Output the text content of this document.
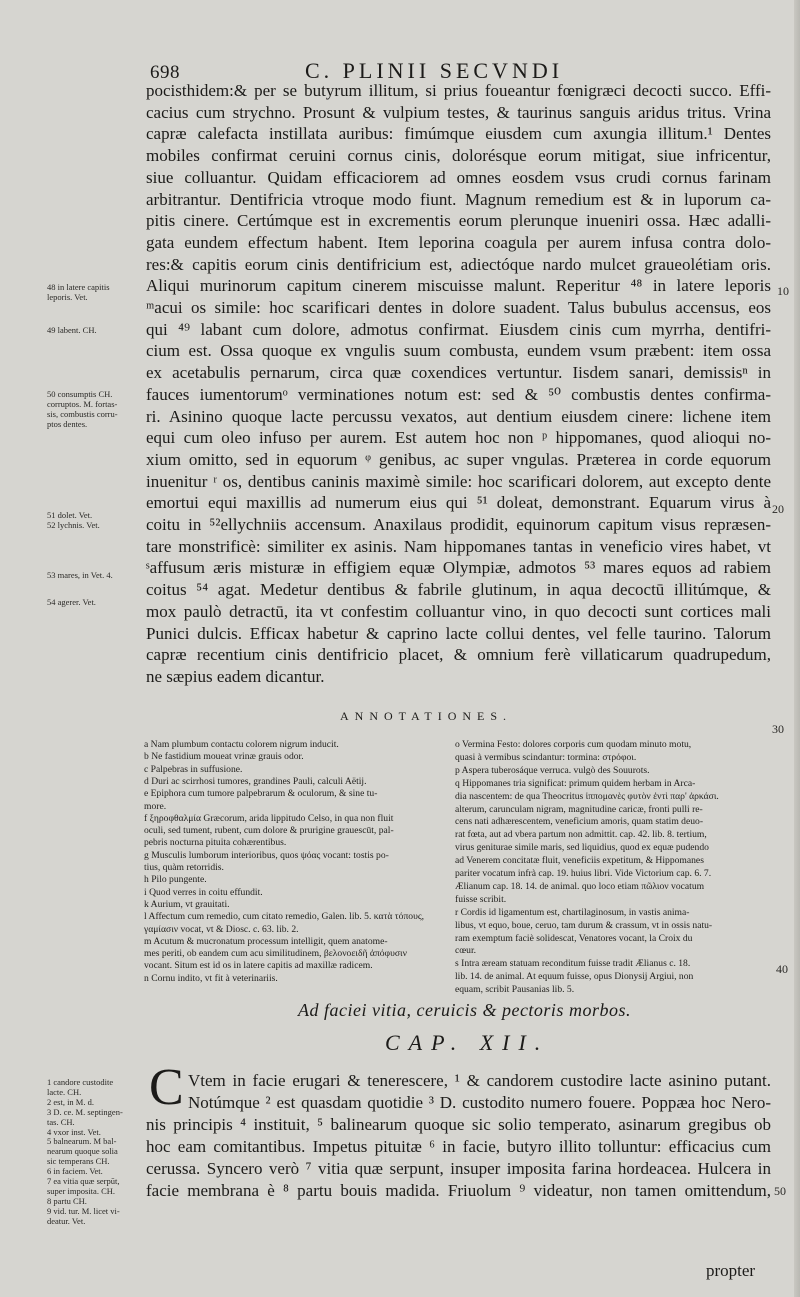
698	C. PLINII SECVNDI
pocisthidem:& per se butyrum illitum, si prius foueantur fœnigræci decocti succo. Effi-
cacius cum strychno. Prosunt & vulpium testes, & taurinus sanguis aridus tritus. Vrina
capræ calefacta instillata auribus: fimúmque eiusdem cum axungia illitum.¹ Dentes
mobiles confirmat ceruini cornus cinis, dolorésque eorum mitigat, siue infricentur,
siue colluantur. Quidam efficaciorem ad omnes eosdem vsus crudi cornus farinam
arbitrantur. Dentifricia vtroque modo fiunt. Magnum remedium est & in luporum ca-
pitis cinere. Certúmque est in excrementis eorum plerunque inueniri ossa. Hæc adalli-
gata eundem effectum habent. Item leporina coagula per aurem infusa contra dolo-
res:& capitis eorum cinis dentifricium est, adiectóque nardo mulcet graueolétiam oris.
Aliqui murinorum capitum cinerem miscuisse malunt. Reperitur ⁴⁸ in latere leporis
ᵐacui os simile: hoc scarificari dentes in dolore suadent. Talus bubulus accensus, eos
qui ⁴⁹ labant cum dolore, admotus confirmat. Eiusdem cinis cum myrrha, dentifri-
cium est. Ossa quoque ex vngulis suum combusta, eundem vsum præbent: item ossa
ex acetabulis pernarum, circa quæ coxendices vertuntur. Iisdem sanari, demissisⁿ in
fauces iumentorumᵒ verminationes notum est: sed & ⁵⁰ combustis dentes confirma-
ri. Asinino quoque lacte percussu vexatos, aut dentium eiusdem cinere: lichene item
equi cum oleo infuso per aurem. Est autem hoc non ᵖ hippomanes, quod alioqui no-
xium omitto, sed in equorum ᵠ genibus, ac super vngulas. Præterea in corde equorum
inuenitur ʳ os, dentibus caninis maximè simile: hoc scarificari dolorem, aut exceptо dente
emortui equi maxillis ad numerum eius qui ⁵¹ doleat, demonstrant. Equarum virus à
coitu in ⁵²ellychniis accensum. Anaxilaus prodidit, equinorum capitum visus repræsen-
tare monstrificè: similiter ex asinis. Nam hippomanes tantas in veneficio vires habet, vt
ˢaffusum æris misturæ in effigiem equæ Olympiæ, admotos ⁵³ mares equos ad rabiem
coitus ⁵⁴ agat. Medetur dentibus & fabrile glutinum, in aqua decoctū illitúmque, &
mox paulò detractū, ita vt confestim colluantur vino, in quo decocti sunt cortices mali
Punici dulcis. Efficax habetur & caprino lacte collui dentes, vel felle taurino. Talorum
capræ recentium cinis dentifricio placet, & omnium ferè villaticarum quadrupedum,
ne sæpius eadem dicantur.
48 in latere capitis
leporis. Vet.
49 labent. CH.
50 consumptis CH.
corruptos. M. fortas-
sis, combustis corru-
ptos dentes.
51 dolet. Vet.
52 lychnis. Vet.
53 mares, in Vet. 4.
54 agerer. Vet.
10
20
30
40
50
ANNOTATIONES.
a Nam plumbum contactu colorem nigrum inducit.
b Ne fastidium moueat vrinæ grauis odor.
c Palpebras in suffusione.
d Duri ac scirrhosi tumores, grandines Pauli, calculi Aëtij.
e Epiphora cum tumore palpebrarum & oculorum, & sine tu-
more.
f ξηροφθαλμία Græcorum, arida lippitudo Celso, in qua non fluit
oculi, sed tument, rubent, cum dolore & prurigine grauescūt, pal-
pebris nocturna pituita cohærentibus.
g Musculis lumborum interioribus, quos ψόας vocant: tostis po-
tius, quàm retorridis.
h Pilo pungente.
i Quod verres in coitu effundit.
k Aurium, vt grauitati.
l Affectum cum remedio, cum citato remedio, Galen. lib. 5. κατὰ τόπους,
γαμίασιν vocat, vt & Diosc. c. 63. lib. 2.
m Acutum & mucronatum processum intelligit, quem anatome-
mes periti, ob eandem cum acu similitudinem, βελονοειδῆ ἀπόφυσιν
vocant. Situm est id os in latere capitis ad maxillæ radicem.
n Cornu indito, vt fit à veterinariis.
o Vermina Festo: dolores corporis cum quodam minuto motu,
quasi à vermibus scindantur: tormina: στρόφοι.
p Aspera tuberosáque verruca. vulgò des Souurots.
q Hippomanes tria significat: primum quidem herbam in Arca-
dia nascentem: de qua Theocritus ἱππομανὲς φυτὸν ἐντὶ παρ' ἀρκάσι.
alterum, carunculam nigram, magnitudine caricæ, fronti pulli re-
cens nati adhærescentem, veneficium amoris, quam statim deuo-
rat fœta, aut ad vbera partum non admittit. cap. 42. lib. 8. tertium,
virus geniturae simile maris, sed liquidius, quod ex equæ pudendo
ad Venerem concitatæ fluit, veneficiis expetitum, & Hippomanes
pariter vocatum infrà cap. 19. huius libri. Vide Victorium cap. 6. 7.
Ælianum cap. 18. 14. de animal. quo loco etiam πῶλιον vocatum
fuisse scribit.
r Cordis id ligamentum est, chartilaginosum, in vastis anima-
libus, vt equo, boue, ceruo, tam durum & crassum, vt in ossis natu-
ram exemptum faciè solidescat, Venatores vocant, la Croix du
cœur.
s Intra æream statuam reconditum fuisse tradit Ælianus c. 18.
lib. 14. de animal. At equum fuisse, opus Dionysij Argiui, non
equam, scribit Pausanias lib. 5.
Ad faciei vitia, ceruicis & pectoris morbos.
CAP. XII.
C Vtem in facie erugari & tenerescere, ¹ & candorem custodire lacte asinino putant.
Notúmque ² est quasdam quotidie ³ D. custodito numero fouere. Poppæa hoc Nero-
nis principis ⁴ instituit, ⁵ balinearum quoque sic solio temperato, asinarum gregibus ob
hoc eam comitantibus. Impetus pituitæ ⁶ in facie, butyro illito tolluntur: efficacius cum
cerussa. Syncero verò ⁷ vitia quæ serpunt, insuper imposita farina hordeacea. Hulcera in
facie membrana è ⁸ partu bouis madida. Friuolum ⁹ videatur, non tamen omittendum,
1 candore custodite
lacte. CH.
2 est, in M. d.
3 D. ce. M. septingen-
tas. CH.
4 vxor inst. Vet.
5 balnearum. M bal-
nearum quoque solia
sic temperans CH.
6 in faciem. Vet.
7 ea vitia quæ serpūt,
super imposita. CH.
8 partu CH.
9 vid. tur. M. licet vi-
deatur. Vet.
propter
